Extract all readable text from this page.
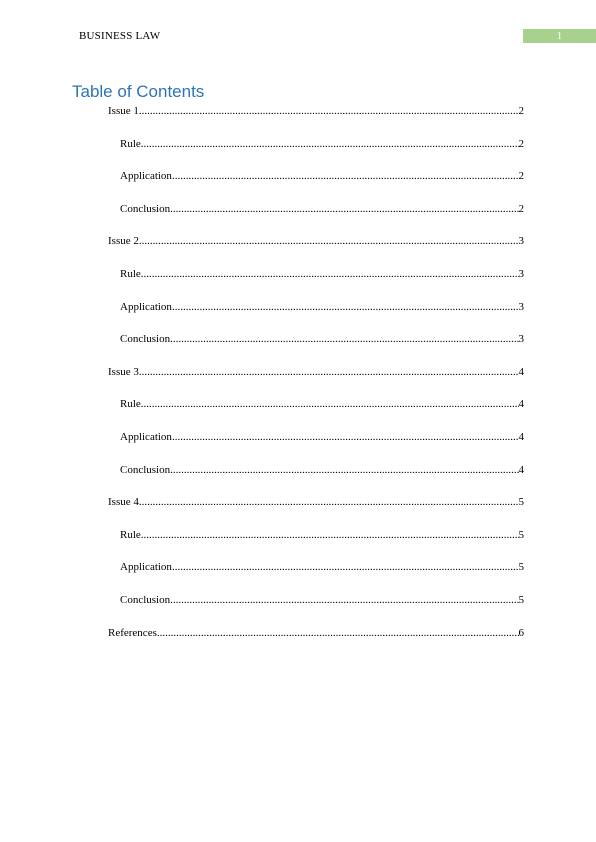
BUSINESS LAW	1
Table of Contents
Issue 1 .....	2
Rule .....	2
Application .....	2
Conclusion .....	2
Issue 2 .....	3
Rule .....	3
Application .....	3
Conclusion .....	3
Issue 3 .....	4
Rule .....	4
Application .....	4
Conclusion .....	4
Issue 4 .....	5
Rule .....	5
Application .....	5
Conclusion .....	5
References .....	6
